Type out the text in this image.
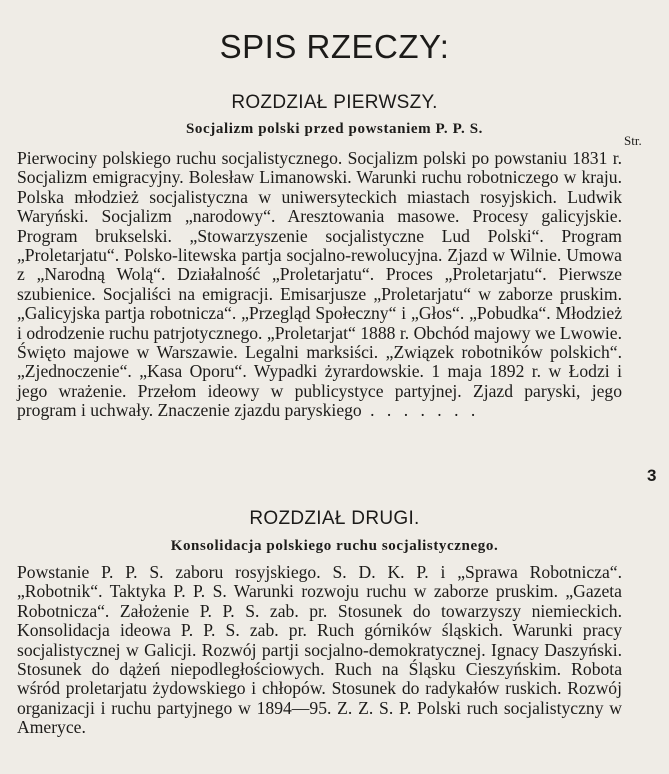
SPIS RZECZY:
ROZDZIAŁ PIERWSZY.
Socjalizm polski przed powstaniem P. P. S.
Str.
Pierwociny polskiego ruchu socjalistycznego. Socjalizm polski po powstaniu 1831 r. Socjalizm emigracyjny. Bolesław Limanowski. Warunki ruchu robotniczego w kraju. Polska młodzież socjalistyczna w uniwersyteckich miastach rosyjskich. Ludwik Waryński. Socjalizm „narodowy“. Aresztowania masowe. Procesy galicyjskie. Program brukselski. „Stowarzyszenie socjalistyczne Lud Polski“. Program „Proletarjatu“. Polsko-litewska partja socjalno-rewolucyjna. Zjazd w Wilnie. Umowa z „Narodną Wolą“. Działalność „Proletarjatu“. Proces „Proletarjatu“. Pierwsze szubienice. Socjaliści na emigracji. Emisarjusze „Proletarjatu“ w zaborze pruskim. „Galicyjska partja robotnicza“. „Przegląd Społeczny“ i „Głos“. „Pobudka“. Młodzież i odrodzenie ruchu patrjotycznego. „Proletarjat“ 1888 r. Obchód majowy we Lwowie. Święto majowe w Warszawie. Legalni marksiści. „Związek robotników polskich“. „Zjednoczenie“. „Kasa Oporu“. Wypadki żyrardowskie. 1 maja 1892 r. w Łodzi i jego wrażenie. Przełom ideowy w publicystyce partyjnej. Zjazd paryski, jego program i uchwały. Znaczenie zjazdu paryskiego . . . . . . .
3
ROZDZIAŁ DRUGI.
Konsolidacja polskiego ruchu socjalistycznego.
Powstanie P. P. S. zaboru rosyjskiego. S. D. K. P. i „Sprawa Robotnicza“. „Robotnik“. Taktyka P. P. S. Warunki rozwoju ruchu w zaborze pruskim. „Gazeta Robotnicza“. Założenie P. P. S. zab. pr. Stosunek do towarzyszy niemieckich. Konsolidacja ideowa P. P. S. zab. pr. Ruch górników śląskich. Warunki pracy socjalistycznej w Galicji. Rozwój partji socjalno-demokratycznej. Ignacy Daszyński. Stosunek do dążeń niepodległościowych. Ruch na Śląsku Cieszyńskim. Robota wśród proletarjatu żydowskiego i chłopów. Stosunek do radykałów ruskich. Rozwój organizacji i ruchu partyjnego w 1894—95. Z. Z. S. P. Polski ruch socjalistyczny w Ameryce.
